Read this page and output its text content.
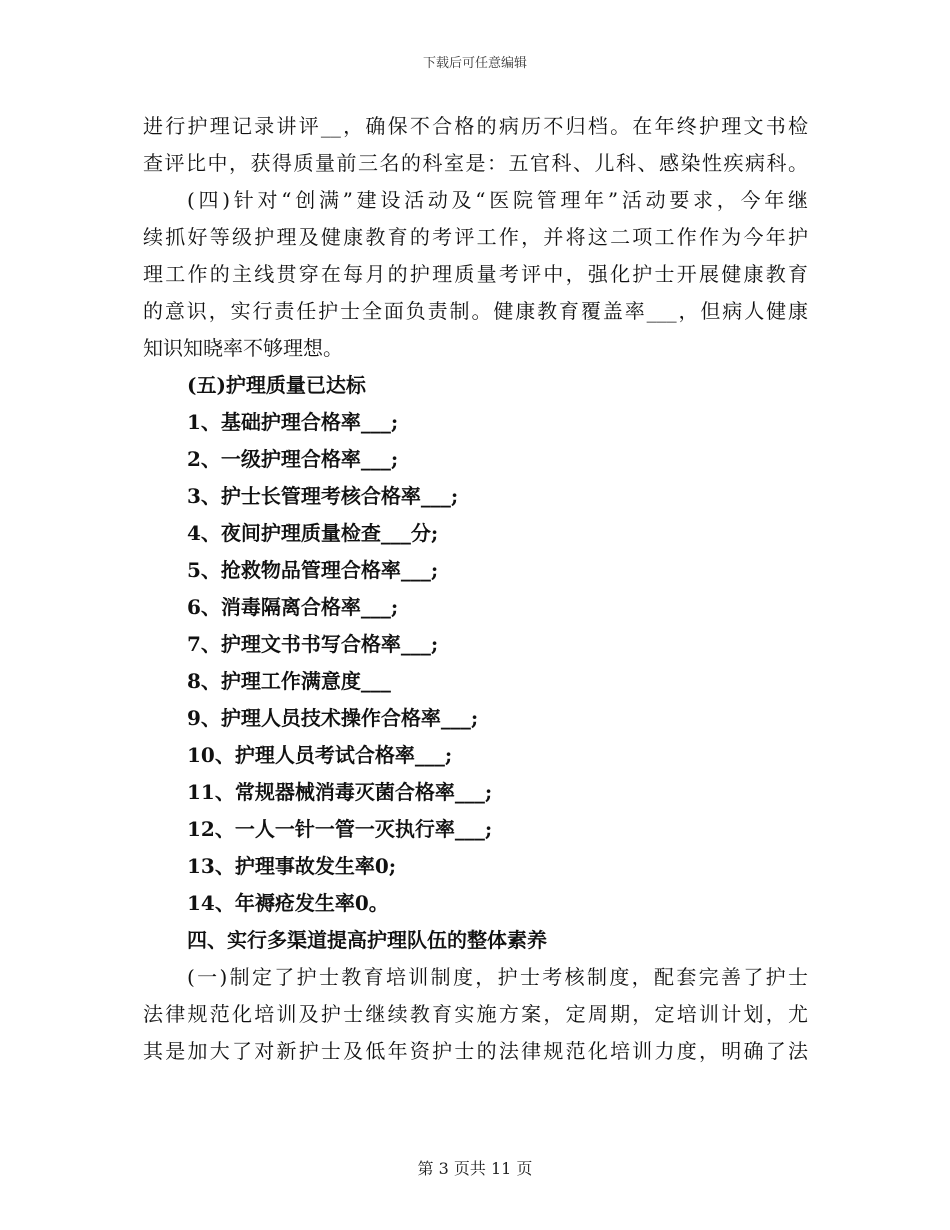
下载后可任意编辑
进行护理记录讲评__，确保不合格的病历不归档。在年终护理文书检
查评比中，获得质量前三名的科室是：五官科、儿科、感染性疾病科。
(四)针对“创满”建设活动及“医院管理年”活动要求，今年继
续抓好等级护理及健康教育的考评工作，并将这二项工作作为今年护
理工作的主线贯穿在每月的护理质量考评中，强化护士开展健康教育
的意识，实行责任护士全面负责制。健康教育覆盖率___，但病人健康
知识知晓率不够理想。
(五)护理质量已达标
1、基础护理合格率___;
2、一级护理合格率___;
3、护士长管理考核合格率___;
4、夜间护理质量检查___分;
5、抢救物品管理合格率___;
6、消毒隔离合格率___;
7、护理文书书写合格率___;
8、护理工作满意度___
9、护理人员技术操作合格率___;
10、护理人员考试合格率___;
11、常规器械消毒灭菌合格率___;
12、一人一针一管一灭执行率___;
13、护理事故发生率0;
14、年褥疮发生率0。
四、实行多渠道提高护理队伍的整体素养
(一)制定了护士教育培训制度，护士考核制度，配套完善了护士
法律规范化培训及护士继续教育实施方案，定周期，定培训计划，尤
其是加大了对新护士及低年资护士的法律规范化培训力度，明确了法
第 3 页共 11 页
